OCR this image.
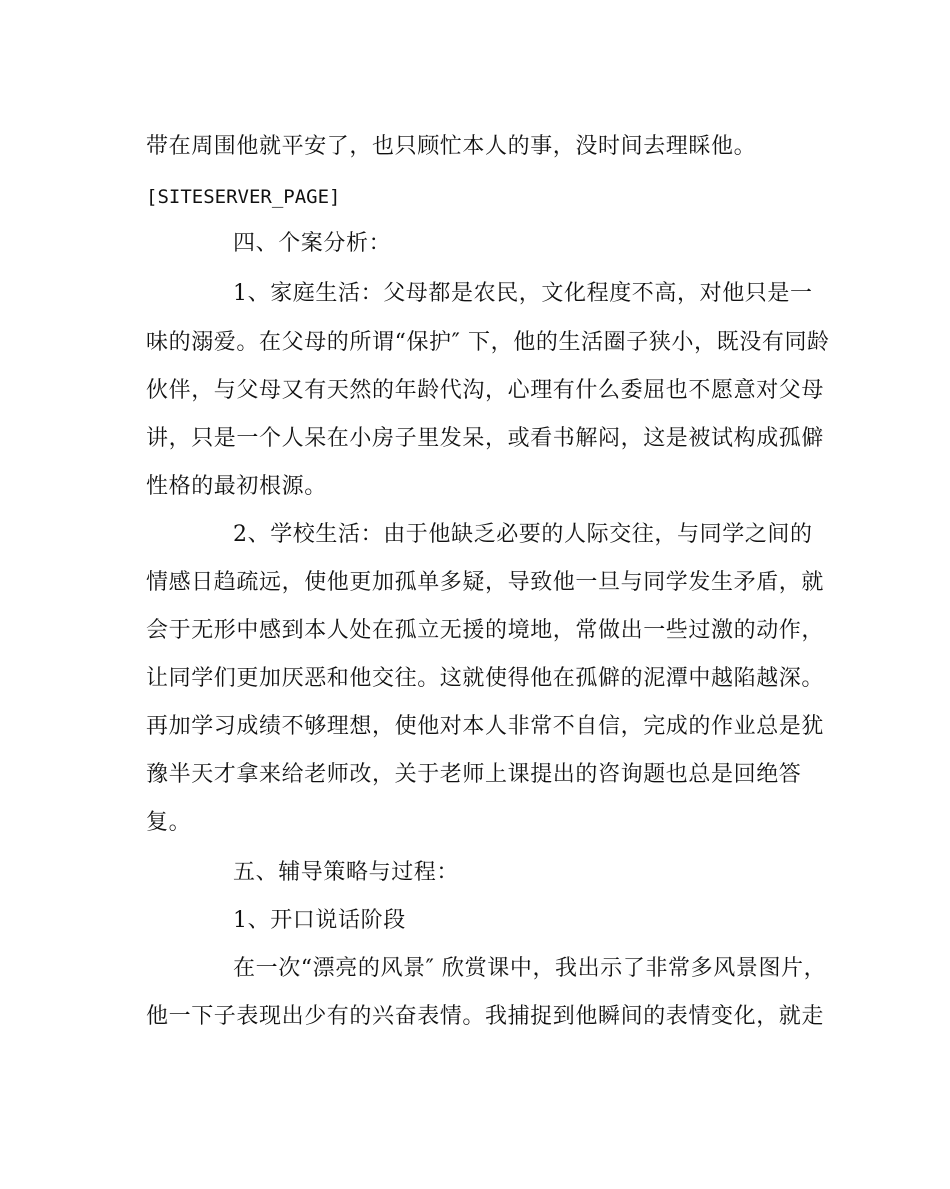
带在周围他就平安了，也只顾忙本人的事，没时间去理睬他。
[SITESERVER_PAGE]
四、个案分析：
1、家庭生活：父母都是农民，文化程度不高，对他只是一
味的溺爱。在父母的所谓“保护″ 下，他的生活圈子狭小，既没有同龄
伙伴，与父母又有天然的年龄代沟，心理有什么委屈也不愿意对父母
讲，只是一个人呆在小房子里发呆，或看书解闷，这是被试构成孤僻
性格的最初根源。
2、学校生活：由于他缺乏必要的人际交往，与同学之间的
情感日趋疏远，使他更加孤单多疑，导致他一旦与同学发生矛盾，就
会于无形中感到本人处在孤立无援的境地，常做出一些过激的动作，
让同学们更加厌恶和他交往。这就使得他在孤僻的泥潭中越陷越深。
再加学习成绩不够理想，使他对本人非常不自信，完成的作业总是犹
豫半天才拿来给老师改，关于老师上课提出的咨询题也总是回绝答
复。
五、辅导策略与过程：
1、开口说话阶段
在一次“漂亮的风景″ 欣赏课中，我出示了非常多风景图片，
他一下子表现出少有的兴奋表情。我捕捉到他瞬间的表情变化，就走
